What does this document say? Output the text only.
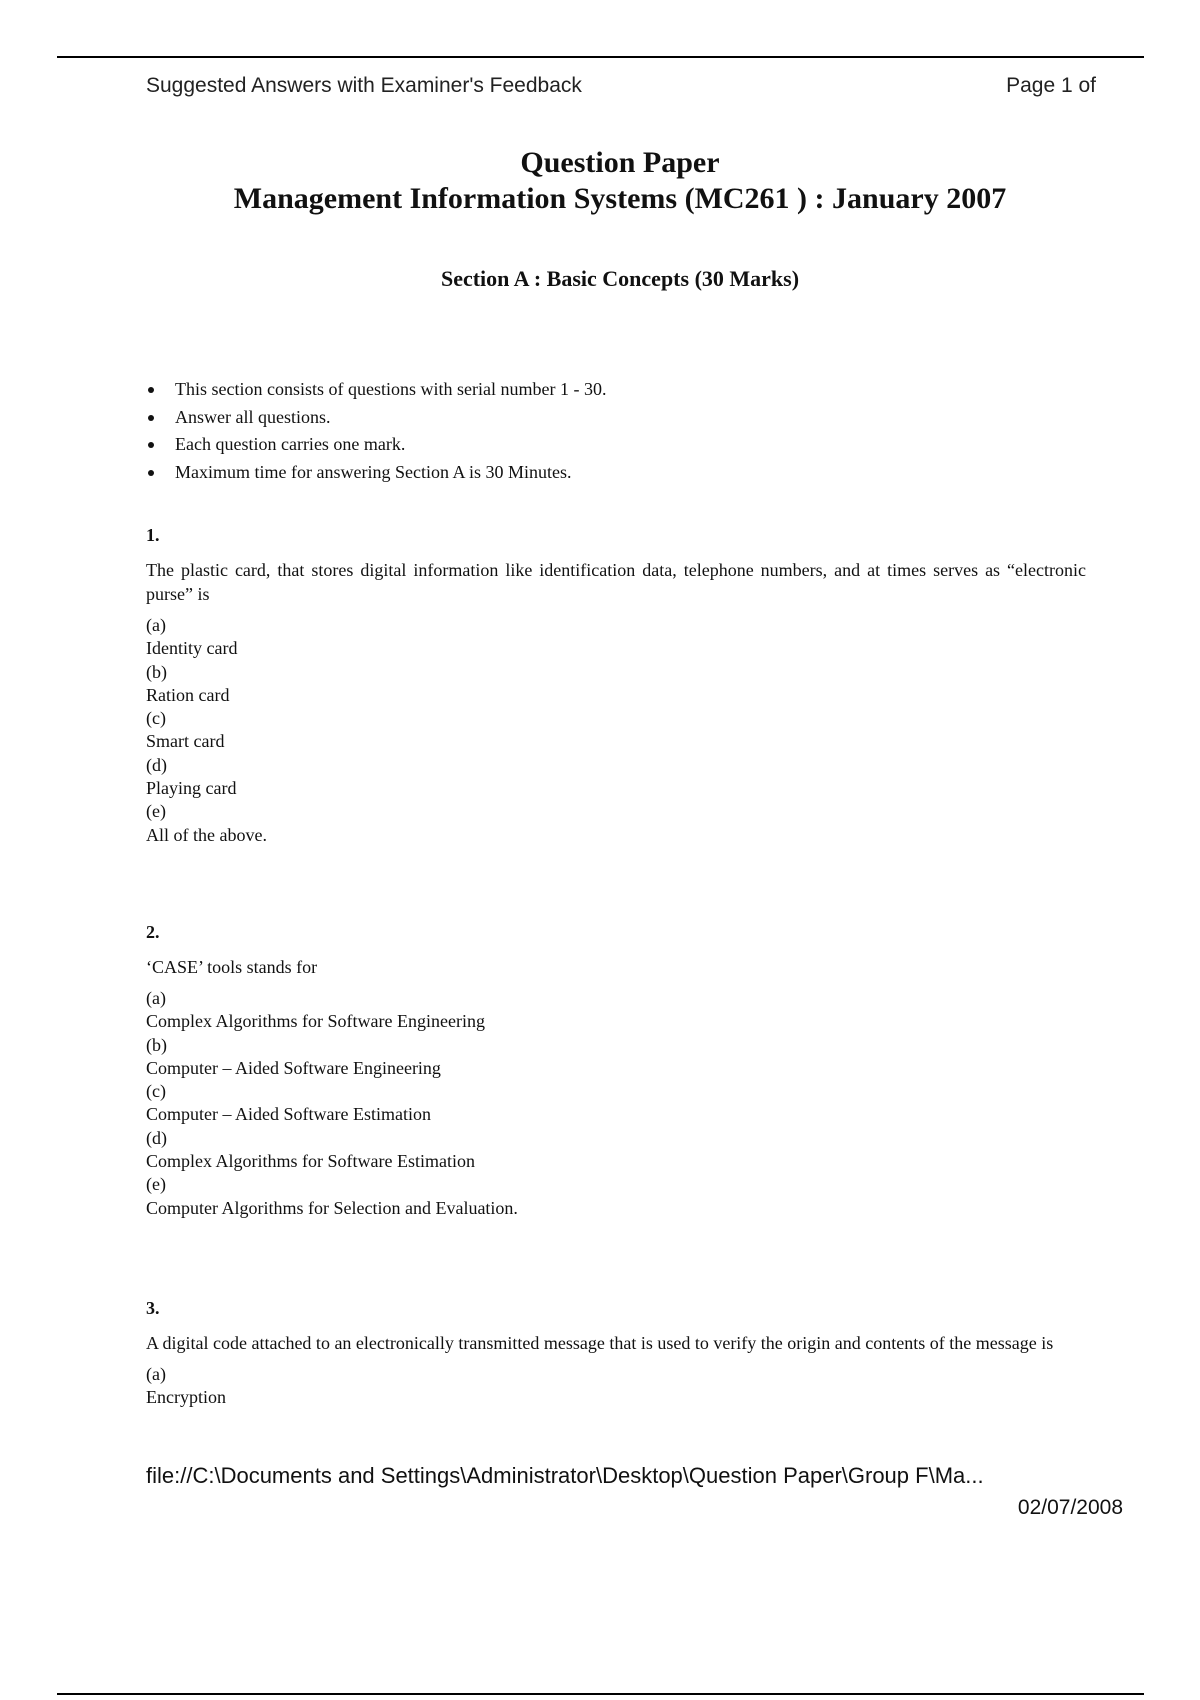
Suggested Answers with Examiner's Feedback	Page 1 of
Question Paper
Management Information Systems (MC261 ) : January 2007
Section A : Basic Concepts (30 Marks)
This section consists of questions with serial number 1 - 30.
Answer all questions.
Each question carries one mark.
Maximum time for answering Section A is 30 Minutes.
1.
The plastic card, that stores digital information like identification data, telephone numbers, and at times serves as “electronic purse” is
(a)
Identity card
(b)
Ration card
(c)
Smart card
(d)
Playing card
(e)
All of the above.
2.
‘CASE’ tools stands for
(a)
Complex Algorithms for Software Engineering
(b)
Computer – Aided Software Engineering
(c)
Computer – Aided Software Estimation
(d)
Complex Algorithms for Software Estimation
(e)
Computer Algorithms for Selection and Evaluation.
3.
A digital code attached to an electronically transmitted message that is used to verify the origin and contents of the message is
(a)
Encryption
file://C:\Documents and Settings\Administrator\Desktop\Question Paper\Group F\Ma...
02/07/2008
